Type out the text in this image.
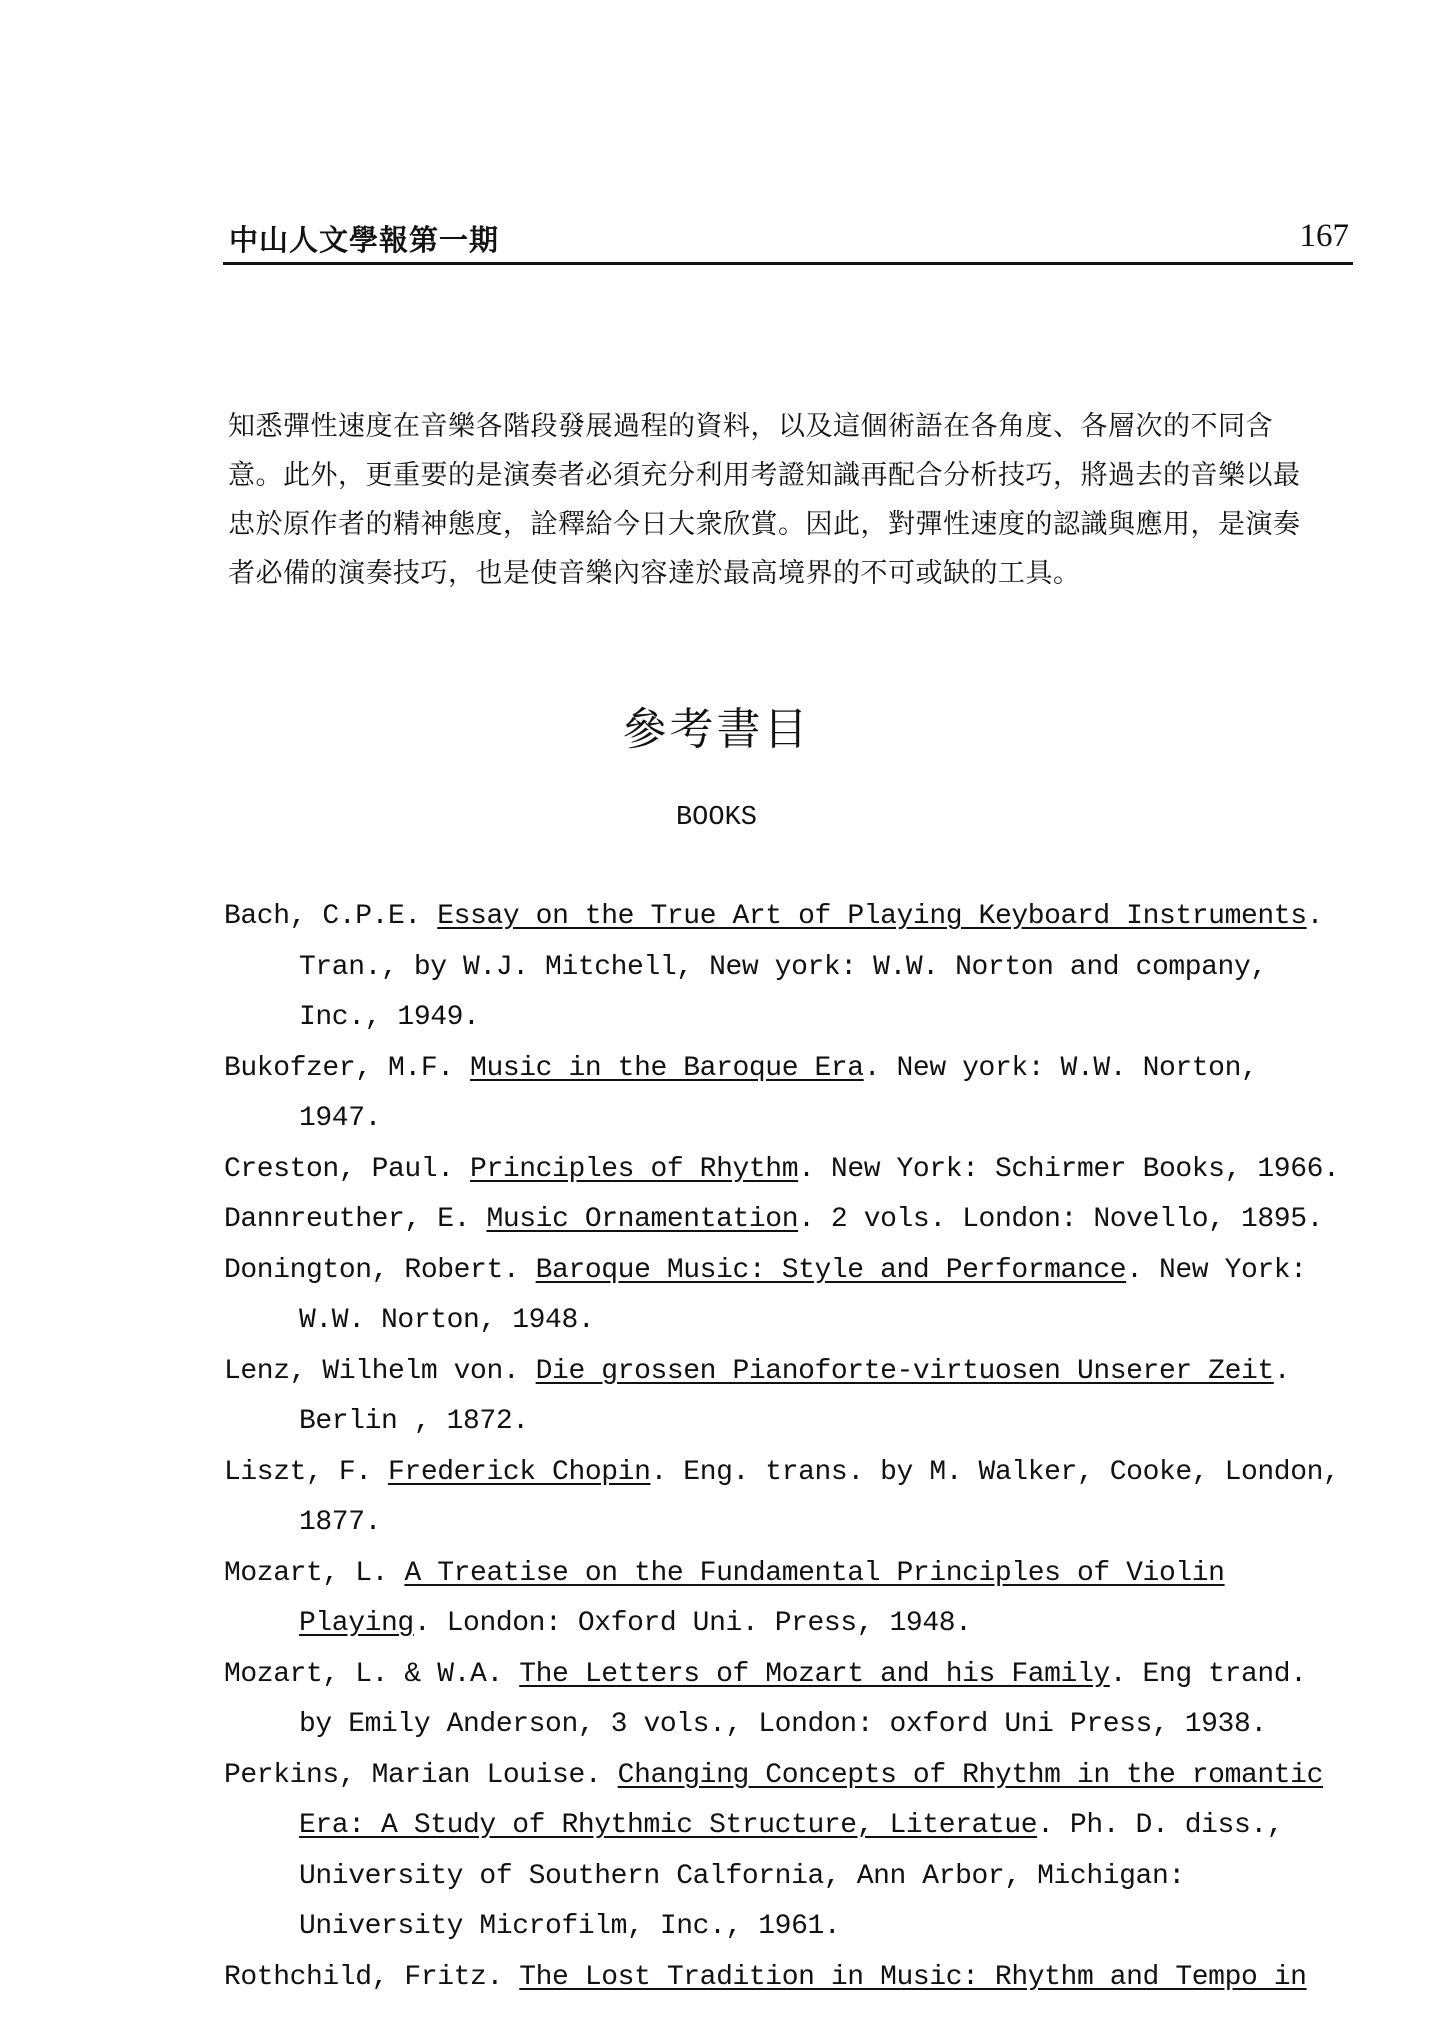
中山人文學報第一期	167

知悉彈性速度在音樂各階段發展過程的資料，以及這個術語在各角度、各層次的不同含意。此外，更重要的是演奏者必須充分利用考證知識再配合分析技巧，將過去的音樂以最忠於原作者的精神態度，詮釋給今日大衆欣賞。因此，對彈性速度的認識與應用，是演奏者必備的演奏技巧，也是使音樂內容達於最高境界的不可或缺的工具。

參考書目
BOOKS
Bach, C.P.E. Essay on the True Art of Playing Keyboard Instruments. Tran., by W.J. Mitchell, New york: W.W. Norton and company, Inc., 1949.
Bukofzer, M.F. Music in the Baroque Era. New york: W.W. Norton, 1947.
Creston, Paul. Principles of Rhythm. New York: Schirmer Books, 1966.
Dannreuther, E. Music Ornamentation. 2 vols. London: Novello, 1895.
Donington, Robert. Baroque Music: Style and Performance. New York: W.W. Norton, 1948.
Lenz, Wilhelm von. Die grossen Pianoforte-virtuosen Unserer Zeit. Berlin , 1872.
Liszt, F. Frederick Chopin. Eng. trans. by M. Walker, Cooke, London, 1877.
Mozart, L. A Treatise on the Fundamental Principles of Violin Playing. London: Oxford Uni. Press, 1948.
Mozart, L. & W.A. The Letters of Mozart and his Family. Eng trand. by Emily Anderson, 3 vols., London: oxford Uni Press, 1938.
Perkins, Marian Louise. Changing Concepts of Rhythm in the romantic Era: A Study of Rhythmic Structure, Literatue. Ph. D. diss., University of Southern Calfornia, Ann Arbor, Michigan: University Microfilm, Inc., 1961.
Rothchild, Fritz. The Lost Tradition in Music: Rhythm and Tempo in
